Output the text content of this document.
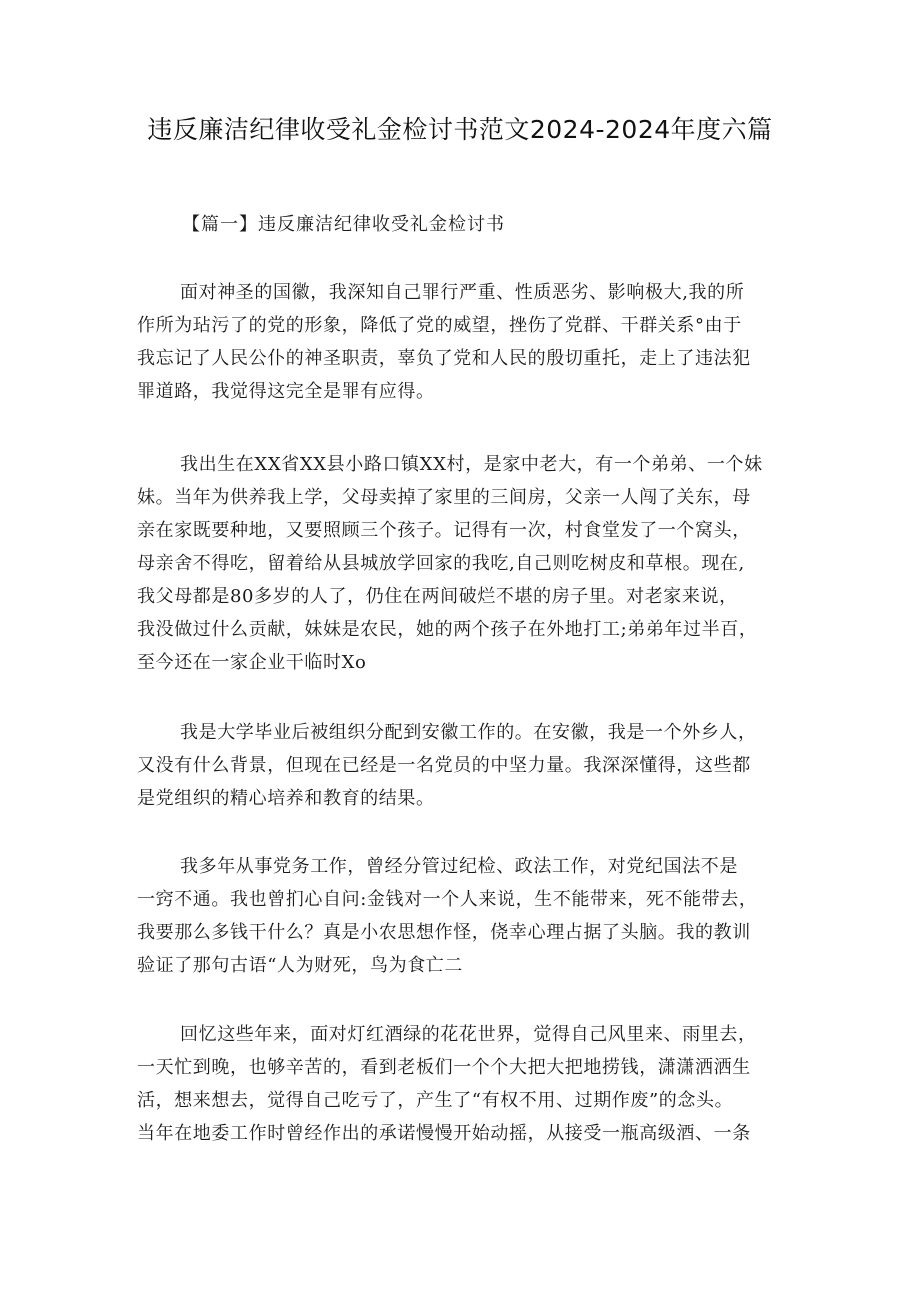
违反廉洁纪律收受礼金检讨书范文2024-2024年度六篇
【篇一】违反廉洁纪律收受礼金检讨书

面对神圣的国徽，我深知自己罪行严重、性质恶劣、影响极大,我的所
作所为玷污了的党的形象，降低了党的威望，挫伤了党群、干群关系°由于
我忘记了人民公仆的神圣职责，辜负了党和人民的殷切重托，走上了违法犯
罪道路，我觉得这完全是罪有应得。

我出生在XX省XX县小路口镇XX村，是家中老大，有一个弟弟、一个妹
妹。当年为供养我上学，父母卖掉了家里的三间房，父亲一人闯了关东，母
亲在家既要种地，又要照顾三个孩子。记得有一次，村食堂发了一个窝头，
母亲舍不得吃，留着给从县城放学回家的我吃,自己则吃树皮和草根。现在,
我父母都是80多岁的人了，仍住在两间破烂不堪的房子里。对老家来说，
我没做过什么贡献，妹妹是农民，她的两个孩子在外地打工;弟弟年过半百，
至今还在一家企业干临时Xo

我是大学毕业后被组织分配到安徽工作的。在安徽，我是一个外乡人，
又没有什么背景，但现在已经是一名党员的中坚力量。我深深懂得，这些都
是党组织的精心培养和教育的结果。

我多年从事党务工作，曾经分管过纪检、政法工作，对党纪国法不是
一窍不通。我也曾扪心自问:金钱对一个人来说，生不能带来，死不能带去，
我要那么多钱干什么？真是小农思想作怪，侥幸心理占据了头脑。我的教训
验证了那句古语“人为财死，鸟为食亡二

回忆这些年来，面对灯红酒绿的花花世界，觉得自己风里来、雨里去，
一天忙到晚，也够辛苦的，看到老板们一个个大把大把地捞钱，潇潇洒洒生
活，想来想去，觉得自己吃亏了，产生了“有权不用、过期作废”的念头。
当年在地委工作时曾经作出的承诺慢慢开始动摇，从接受一瓶高级酒、一条
